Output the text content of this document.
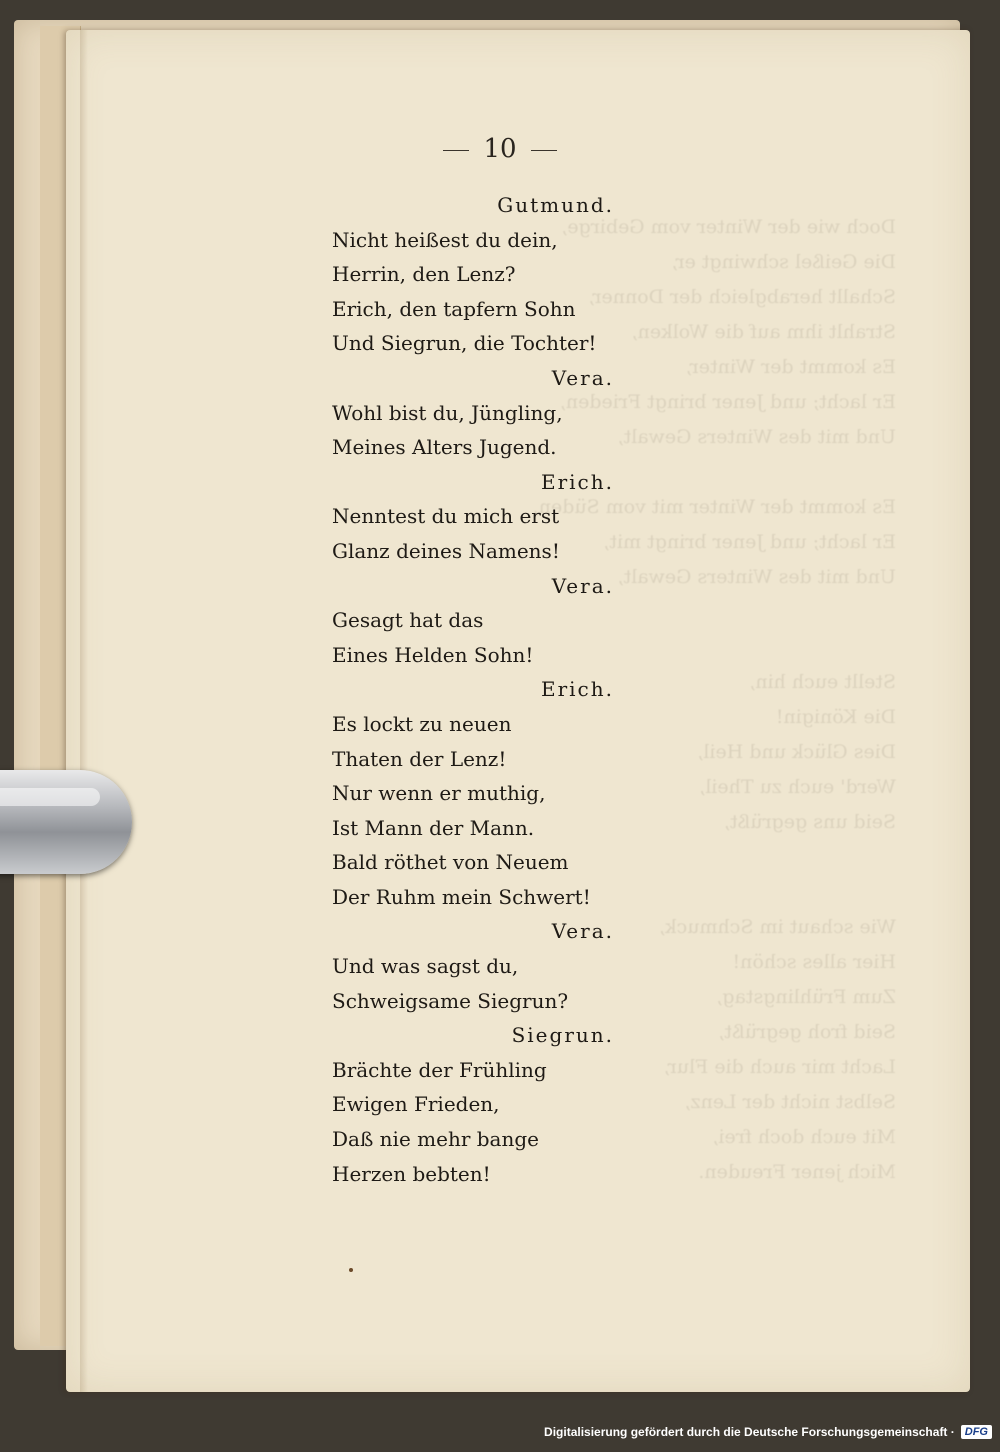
Doch wie der Winter vom Gebirge,
Die Geißel schwingt er,
Schallt herabgleich der Donner,
Strahlt ihm auf die Wolken,
Es kommt der Winter,
Er lacht; und Jener bringt Frieden,
Und mit des Winters Gewalt,

Es kommt der Winter mit vom Süden,
Er lacht; und Jener bringt mit,
Und mit des Winters Gewalt,

Stellt euch hin,
Die Königin!
Dies Glück und Heil,
Werd' euch zu Theil,
Seid uns gegrüßt,

Wie schaut im Schmuck,
Hier alles schön!
Zum Frühlingstag,
Seid froh gegrüßt,
Lacht mir auch die Flur,
Selbst nicht der Lenz,
Mit euch doch frei,
Mich jener Freuden.
10
Gutmund.
Nicht heißest du dein,
Herrin, den Lenz?
Erich, den tapfern Sohn
Und Siegrun, die Tochter!
Vera.
Wohl bist du, Jüngling,
Meines Alters Jugend.
Erich.
Nenntest du mich erst
Glanz deines Namens!
Vera.
Gesagt hat das
Eines Helden Sohn!
Erich.
Es lockt zu neuen
Thaten der Lenz!
Nur wenn er muthig,
Ist Mann der Mann.
Bald röthet von Neuem
Der Ruhm mein Schwert!
Vera.
Und was sagst du,
Schweigsame Siegrun?
Siegrun.
Brächte der Frühling
Ewigen Frieden,
Daß nie mehr bange
Herzen bebten!
Digitalisierung gefördert durch die Deutsche Forschungsgemeinschaft · DFG
